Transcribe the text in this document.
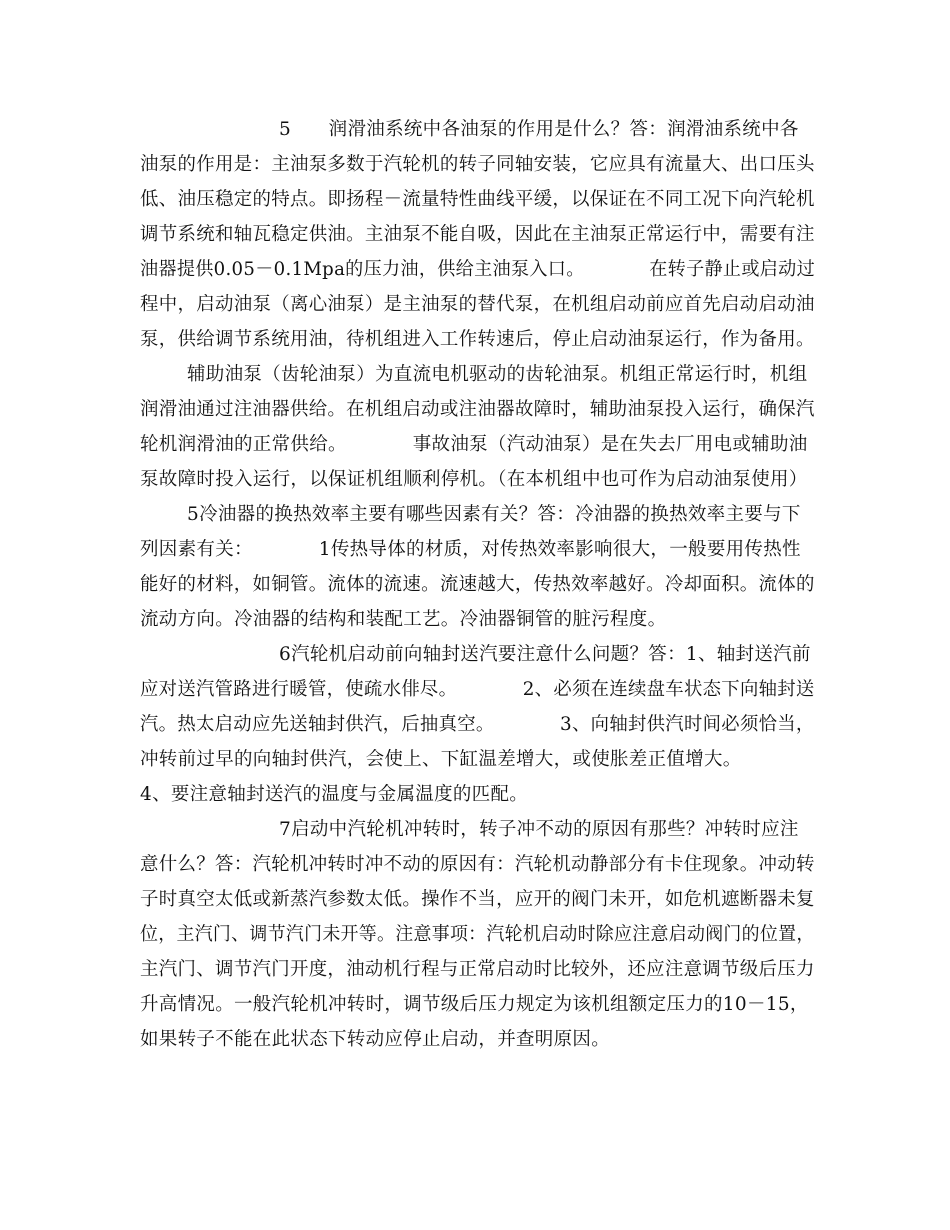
5　　润滑油系统中各油泵的作用是什么？答：润滑油系统中各
油泵的作用是：主油泵多数于汽轮机的转子同轴安装，它应具有流量大、出口压头
低、油压稳定的特点。即扬程－流量特性曲线平缓，以保证在不同工况下向汽轮机
调节系统和轴瓦稳定供油。主油泵不能自吸，因此在主油泵正常运行中，需要有注
油器提供0.05－0.1Mpa的压力油，供给主油泵入口。　　　　在转子静止或启动过
程中，启动油泵（离心油泵）是主油泵的替代泵，在机组启动前应首先启动启动油
泵，供给调节系统用油，待机组进入工作转速后，停止启动油泵运行，作为备用。
辅助油泵（齿轮油泵）为直流电机驱动的齿轮油泵。机组正常运行时，机组
润滑油通过注油器供给。在机组启动或注油器故障时，辅助油泵投入运行，确保汽
轮机润滑油的正常供给。　　　　事故油泵（汽动油泵）是在失去厂用电或辅助油
泵故障时投入运行，以保证机组顺利停机。（在本机组中也可作为启动油泵使用）
5冷油器的换热效率主要有哪些因素有关？答：冷油器的换热效率主要与下
列因素有关：　　　　1传热导体的材质，对传热效率影响很大，一般要用传热性
能好的材料，如铜管。流体的流速。流速越大，传热效率越好。冷却面积。流体的
流动方向。冷油器的结构和装配工艺。冷油器铜管的脏污程度。
6汽轮机启动前向轴封送汽要注意什么问题？答：1、轴封送汽前
应对送汽管路进行暖管，使疏水俳尽。　　　　2、必须在连续盘车状态下向轴封送
汽。热太启动应先送轴封供汽，后抽真空。　　　　3、向轴封供汽时间必须恰当，
冲转前过早的向轴封供汽，会使上、下缸温差增大，或使胀差正值增大。
4、要注意轴封送汽的温度与金属温度的匹配。
7启动中汽轮机冲转时，转子冲不动的原因有那些？冲转时应注
意什么？答：汽轮机冲转时冲不动的原因有：汽轮机动静部分有卡住现象。冲动转
子时真空太低或新蒸汽参数太低。操作不当，应开的阀门未开，如危机遮断器未复
位，主汽门、调节汽门未开等。注意事项：汽轮机启动时除应注意启动阀门的位置，
主汽门、调节汽门开度，油动机行程与正常启动时比较外，还应注意调节级后压力
升高情况。一般汽轮机冲转时，调节级后压力规定为该机组额定压力的10－15，
如果转子不能在此状态下转动应停止启动，并查明原因。
